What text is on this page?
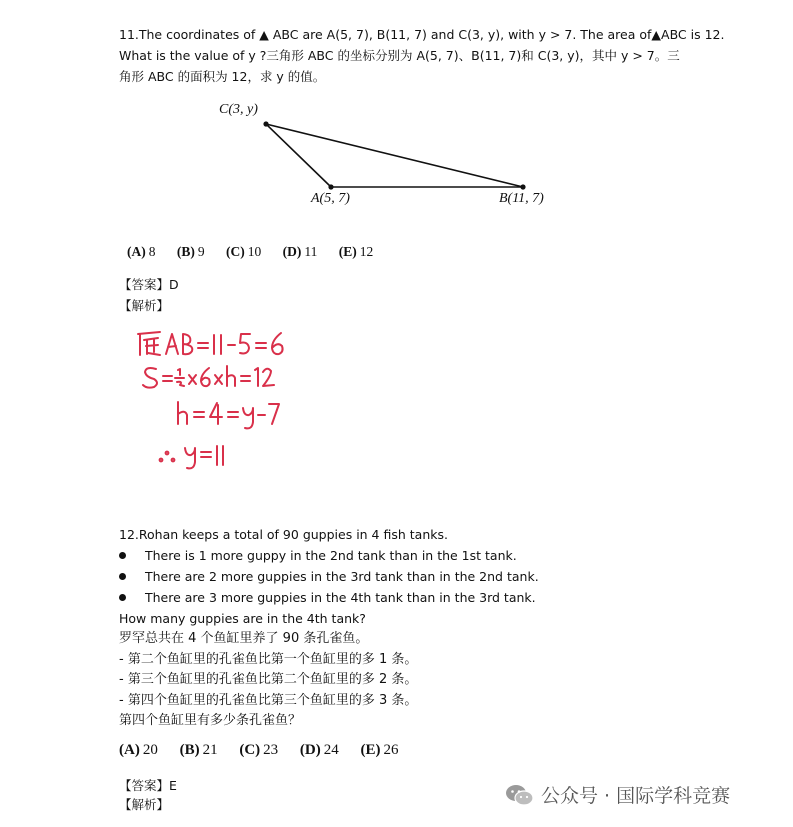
11.The coordinates of ▲ ABC are A(5, 7), B(11, 7) and C(3, y), with y > 7. The area of▲ABC is 12.
What is the value of y ?三角形 ABC 的坐标分别为 A(5, 7)、B(11, 7)和 C(3, y)，其中 y > 7。三
角形 ABC 的面积为 12，求 y 的值。
C(3, y)
A(5, 7)	B(11, 7)
(A) 8 (B) 9 (C) 10 (D) 11 (E) 12
【答案】D
【解析】
12.Rohan keeps a total of 90 guppies in 4 fish tanks.
There is 1 more guppy in the 2nd tank than in the 1st tank.
There are 2 more guppies in the 3rd tank than in the 2nd tank.
There are 3 more guppies in the 4th tank than in the 3rd tank.
How many guppies are in the 4th tank?
罗罕总共在 4 个鱼缸里养了 90 条孔雀鱼。
- 第二个鱼缸里的孔雀鱼比第一个鱼缸里的多 1 条。
- 第三个鱼缸里的孔雀鱼比第二个鱼缸里的多 2 条。
- 第四个鱼缸里的孔雀鱼比第三个鱼缸里的多 3 条。
第四个鱼缸里有多少条孔雀鱼？
(A) 20 (B) 21 (C) 23 (D) 24 (E) 26
【答案】E
【解析】	公众号 · 国际学科竞赛
